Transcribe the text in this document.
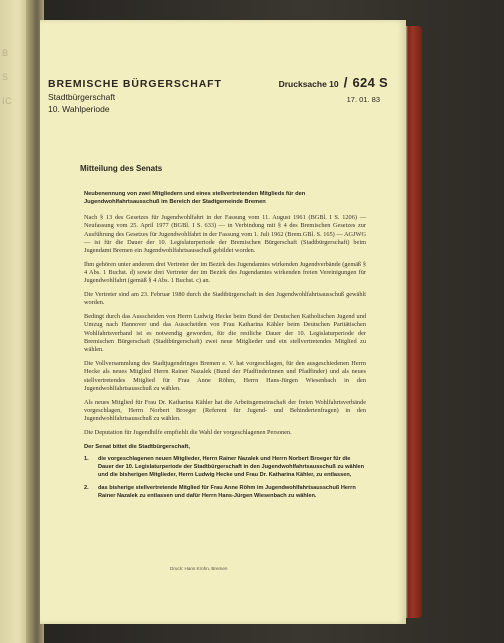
B
S
IC
BREMISCHE BÜRGERSCHAFT
Stadtbürgerschaft
10. Wahlperiode
Drucksache 10 / 624 S
17. 01. 83
Mitteilung des Senats
Neubenennung von zwei Mitgliedern und eines stellvertretenden Mitglieds für den Jugendwohlfahrtsausschuß im Bereich der Stadtgemeinde Bremen

Nach § 13 des Gesetzes für Jugendwohlfahrt in der Fassung vom 11. August 1961 (BGBl. I S. 1206) — Neufassung vom 25. April 1977 (BGBl. I S. 633) — in Verbindung mit § 4 des Bremischen Gesetzes zur Ausführung des Gesetzes für Jugendwohlfahrt in der Fassung vom 1. Juli 1962 (Brem.GBl. S. 165) — AGJWG — ist für die Dauer der 10. Legislaturperiode der Bremischen Bürgerschaft (Stadtbürgerschaft) beim Jugendamt Bremen ein Jugendwohlfahrtsausschuß gebildet worden.

Ihm gehören unter anderem drei Vertreter der im Bezirk des Jugendamtes wirkenden Jugendverbände (gemäß § 4 Abs. 1 Buchst. d) sowie drei Vertreter der im Bezirk des Jugendamtes wirkenden freien Vereinigungen für Jugendwohlfahrt (gemäß § 4 Abs. 1 Buchst. c) an.

Die Vertreter sind am 23. Februar 1980 durch die Stadtbürgerschaft in den Jugendwohlfahrtsausschuß gewählt worden.

Bedingt durch das Ausscheiden von Herrn Ludwig Hecke beim Bund der Deutschen Katholischen Jugend und Umzug nach Hannover und das Ausscheiden von Frau Katharina Kähler beim Deutschen Paritätischen Wohlfahrtsverband ist es notwendig geworden, für die restliche Dauer der 10. Legislaturperiode der Bremischen Bürgerschaft (Stadtbürgerschaft) zwei neue Mitglieder und ein stellvertretendes Mitglied zu wählen.

Die Vollversammlung des Stadtjugendringes Bremen e. V. hat vorgeschlagen, für den ausgeschiedenen Herrn Hecke als neues Mitglied Herrn Rainer Nazalek (Bund der Pfadfinderinnen und Pfadfinder) und als neues stellvertretendes Mitglied für Frau Anne Röhm, Herrn Hans-Jürgen Wiesenbach in den Jugendwohlfahrtsausschuß zu wählen.

Als neues Mitglied für Frau Dr. Katharina Kähler hat die Arbeitsgemeinschaft der freien Wohlfahrtsverbände vorgeschlagen, Herrn Norbert Broeger (Referent für Jugend- und Behindertenfragen) in den Jugendwohlfahrtsausschuß zu wählen.

Die Deputation für Jugendhilfe empfiehlt die Wahl der vorgeschlagenen Personen.

Der Senat bittet die Stadtbürgerschaft,

1.	die vorgeschlagenen neuen Mitglieder, Herrn Rainer Nazalek und Herrn Norbert Broeger für die Dauer der 10. Legislaturperiode der Stadtbürgerschaft in den Jugendwohlfahrtsausschuß zu wählen und die bisherigen Mitglieder, Herrn Ludwig Hecke und Frau Dr. Katharina Kähler, zu entlassen,
2.	das bisherige stellvertretende Mitglied für Frau Anne Röhm im Jugendwohlfahrtsausschuß Herrn Rainer Nazalek zu entlassen und dafür Herrn Hans-Jürgen Wiesenbach zu wählen.
Druck: Hans Krohn, Bremen
